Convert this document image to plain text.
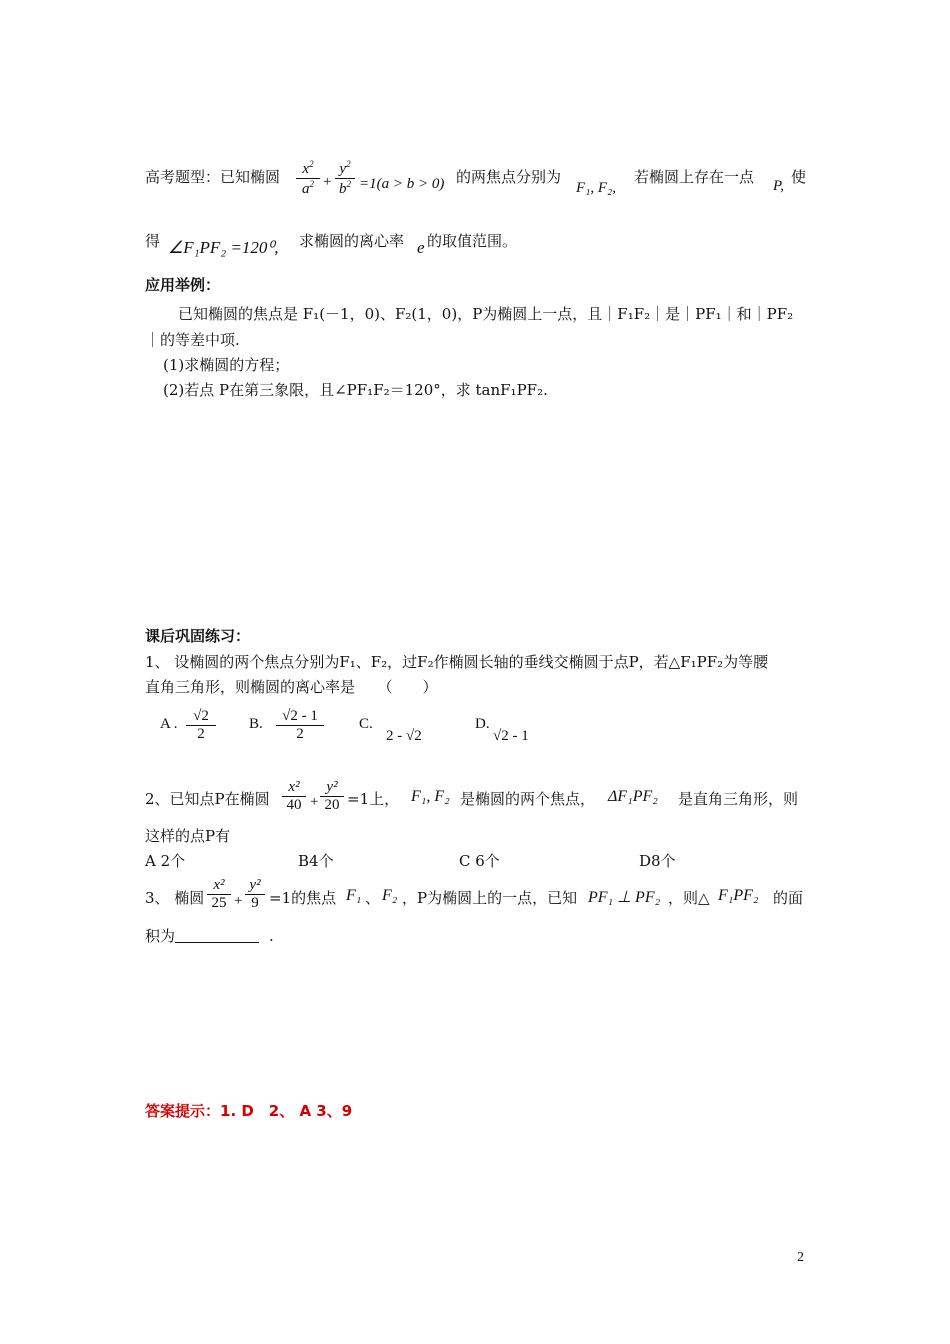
高考题型：已知椭圆	$x^2$
$a^2$ +
$y^2$
$b^2 =1(a > b > 0)$ 的两焦点分别为
F₁, F₂,
若椭圆上存在一点 P, 使
得 ∠F₁PF₂ =120⁰, 求椭圆的离心率 e 的取值范围。
应用举例：
已知椭圆的焦点是 F₁(－1，0)、F₂(1，0)，P为椭圆上一点，且｜F₁F₂｜是｜PF₁｜和｜PF₂
｜的等差中项.
(1)求椭圆的方程；
(2)若点 P在第三象限，且∠PF₁F₂＝120°，求 tanF₁PF₂.
课后巩固练习：
1、 设椭圆的两个焦点分别为F₁、F₂，过F₂作椭圆长轴的垂线交椭圆于点P，若△F₁PF₂为等腰
直角三角形，则椭圆的离心率是　　（　　）
A .	√2
2
B.	√2 - 1
2
C.
2 - √2
D.
√2 - 1
2、已知点P在椭圆
x²
40 +
y²
20 =1上， F₁, F₂ 是椭圆的两个焦点， ΔF₁PF₂ 是直角三角形，则
这样的点P有
A 2个	B4个	C 6个	D8个
3、 椭圆
x²
25 +
y²
9 =1的焦点 F₁ 、 F₂ ，P为椭圆上的一点，已知 PF₁ ⊥ PF₂ ，则△ F₁PF₂ 的面
积为	.
答案提示：1. D　2、 A 3、9
2
